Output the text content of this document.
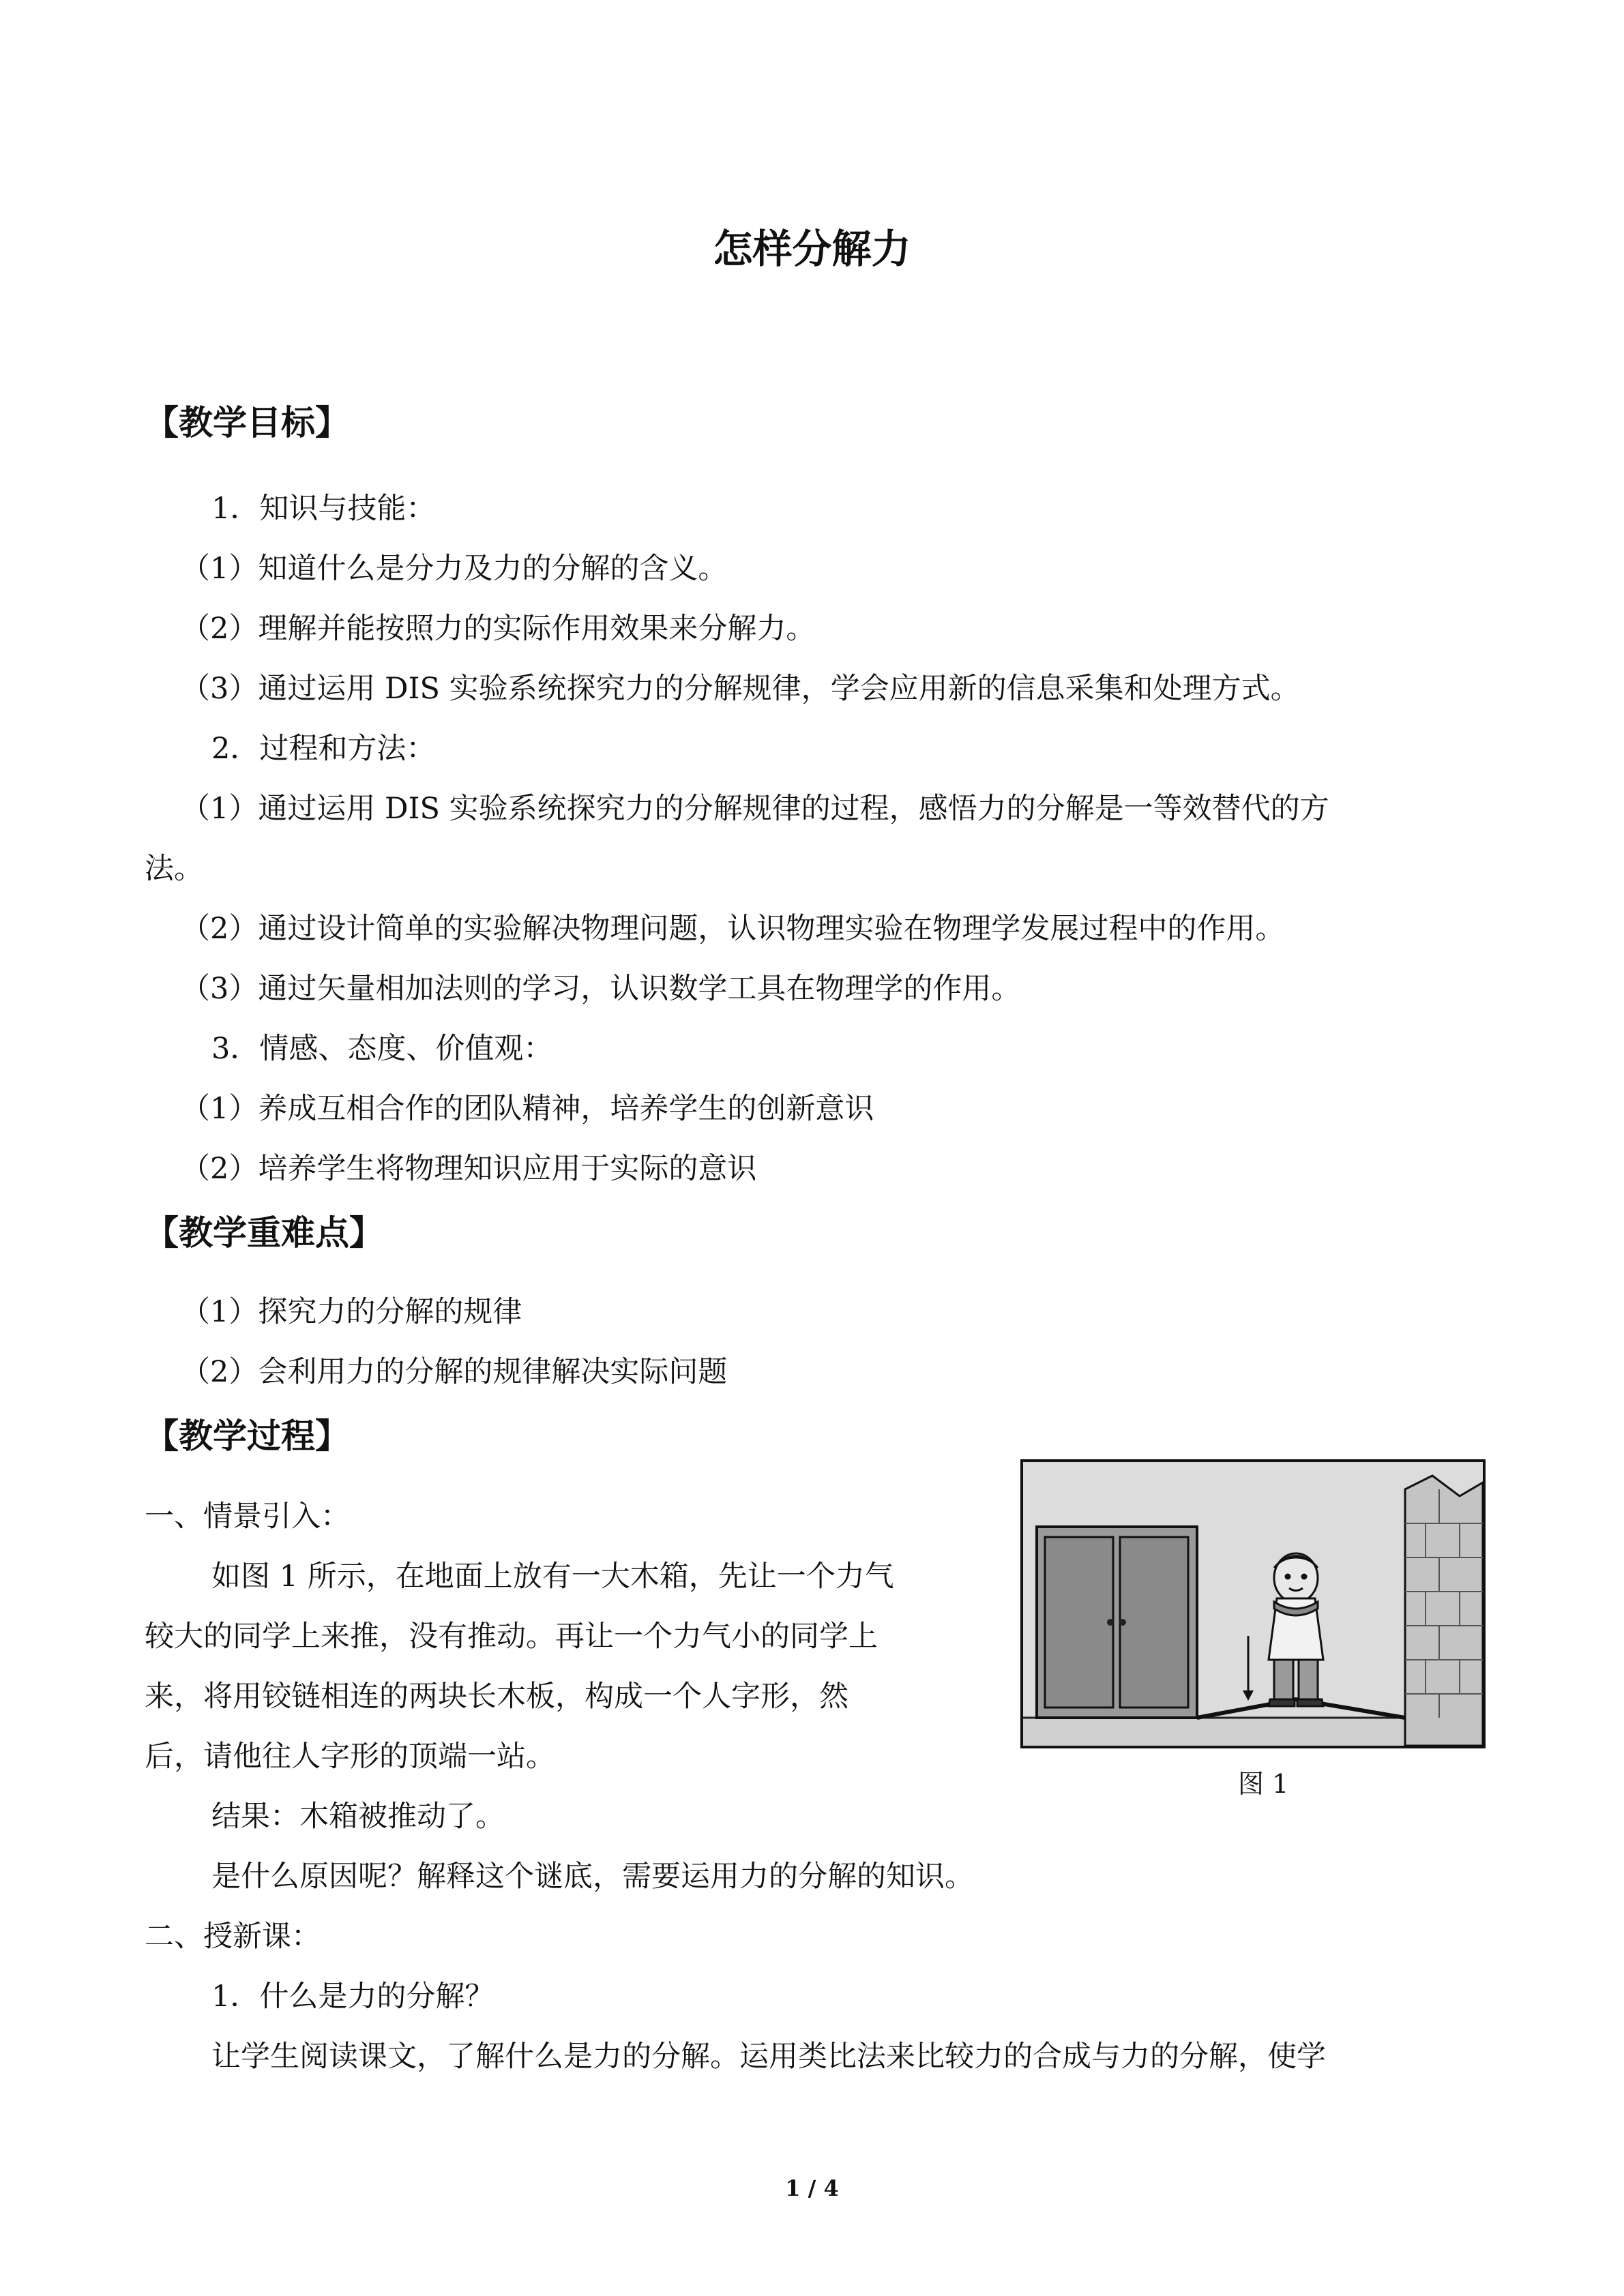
怎样分解力
【教学目标】
1．知识与技能：
（1）知道什么是分力及力的分解的含义。
（2）理解并能按照力的实际作用效果来分解力。
（3）通过运用 DIS 实验系统探究力的分解规律，学会应用新的信息采集和处理方式。
2．过程和方法：
（1）通过运用 DIS 实验系统探究力的分解规律的过程，感悟力的分解是一等效替代的方
法。
（2）通过设计简单的实验解决物理问题，认识物理实验在物理学发展过程中的作用。
（3）通过矢量相加法则的学习，认识数学工具在物理学的作用。
3．情感、态度、价值观：
（1）养成互相合作的团队精神，培养学生的创新意识
（2）培养学生将物理知识应用于实际的意识
【教学重难点】
（1）探究力的分解的规律
（2）会利用力的分解的规律解决实际问题
【教学过程】
一、情景引入：
如图 1 所示，在地面上放有一大木箱，先让一个力气
较大的同学上来推，没有推动。再让一个力气小的同学上
来，将用铰链相连的两块长木板，构成一个人字形，然
后，请他往人字形的顶端一站。
结果：木箱被推动了。
是什么原因呢？解释这个谜底，需要运用力的分解的知识。
二、授新课：
1．什么是力的分解？
让学生阅读课文，了解什么是力的分解。运用类比法来比较力的合成与力的分解，使学
图 1
1 / 4
